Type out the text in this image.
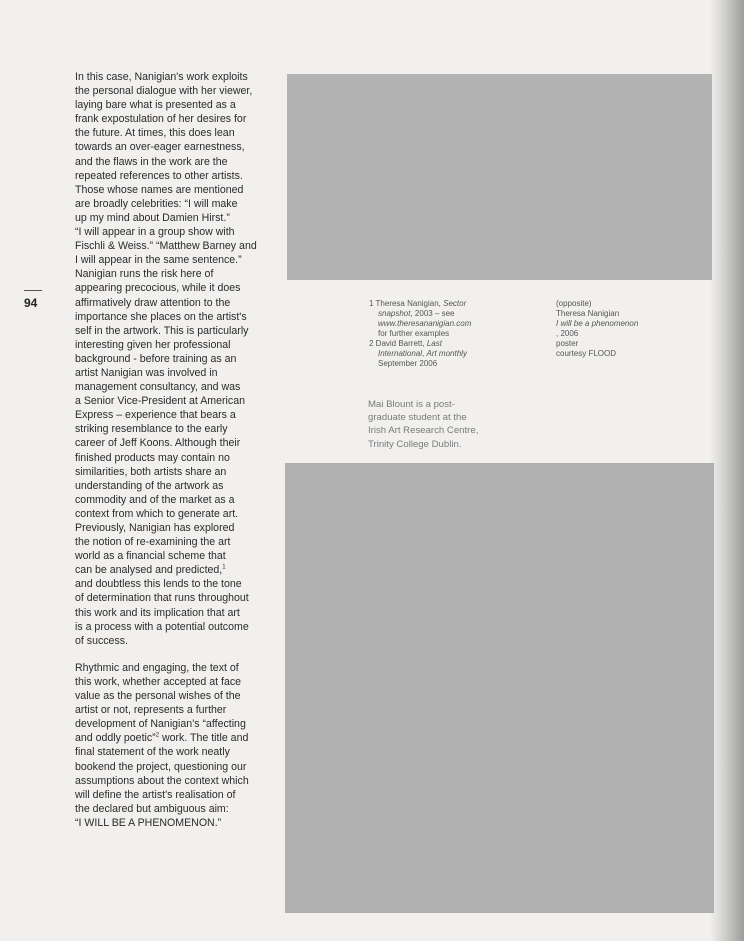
94

In this case, Nanigian's work exploits
the personal dialogue with her viewer,
laying bare what is presented as a
frank expostulation of her desires for
the future. At times, this does lean
towards an over-eager earnestness,
and the flaws in the work are the
repeated references to other artists.
Those whose names are mentioned
are broadly celebrities: “I will make
up my mind about Damien Hirst.”
“I will appear in a group show with
Fischli & Weiss.” “Matthew Barney and
I will appear in the same sentence.”
Nanigian runs the risk here of
appearing precocious, while it does
affirmatively draw attention to the
importance she places on the artist's
self in the artwork. This is particularly
interesting given her professional
background - before training as an
artist Nanigian was involved in
management consultancy, and was
a Senior Vice-President at American
Express – experience that bears a
striking resemblance to the early
career of Jeff Koons. Although their
finished products may contain no
similarities, both artists share an
understanding of the artwork as
commodity and of the market as a
context from which to generate art.
Previously, Nanigian has explored
the notion of re-examining the art
world as a financial scheme that
can be analysed and predicted,$^1$
and doubtless this lends to the tone
of determination that runs throughout
this work and its implication that art
is a process with a potential outcome
of success.

Rhythmic and engaging, the text of
this work, whether accepted at face
value as the personal wishes of the
artist or not, represents a further
development of Nanigian's “affecting
and oddly poetic”$^2$ work. The title and
final statement of the work neatly
bookend the project, questioning our
assumptions about the context which
will define the artist's realisation of
the declared but ambiguous aim:
“I WILL BE A PHENOMENON.”

1 Theresa Nanigian, Sector
snapshot, 2003 – see
www.theresananigian.com
for further examples
2 David Barrett, Last
International, Art monthly
September 2006
(opposite)
Theresa Nanigian
I will be a phenomenon
, 2006
poster
courtesy FLOOD
Mai Blount is a post-
graduate student at the
Irish Art Research Centre,
Trinity College Dublin.
